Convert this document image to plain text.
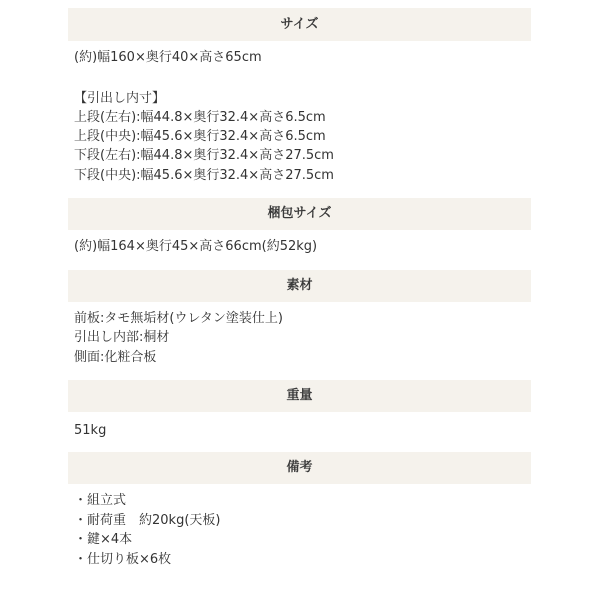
サイズ
(約)幅160×奥行40×高さ65cm
【引出し内寸】
上段(左右):幅44.8×奥行32.4×高さ6.5cm
上段(中央):幅45.6×奥行32.4×高さ6.5cm
下段(左右):幅44.8×奥行32.4×高さ27.5cm
下段(中央):幅45.6×奥行32.4×高さ27.5cm
梱包サイズ
(約)幅164×奥行45×高さ66cm(約52kg)
素材
前板:タモ無垢材(ウレタン塗装仕上)
引出し内部:桐材
側面:化粧合板
重量
51kg
備考
・組立式
・耐荷重　約20kg(天板)
・鍵×4本
・仕切り板×6枚
